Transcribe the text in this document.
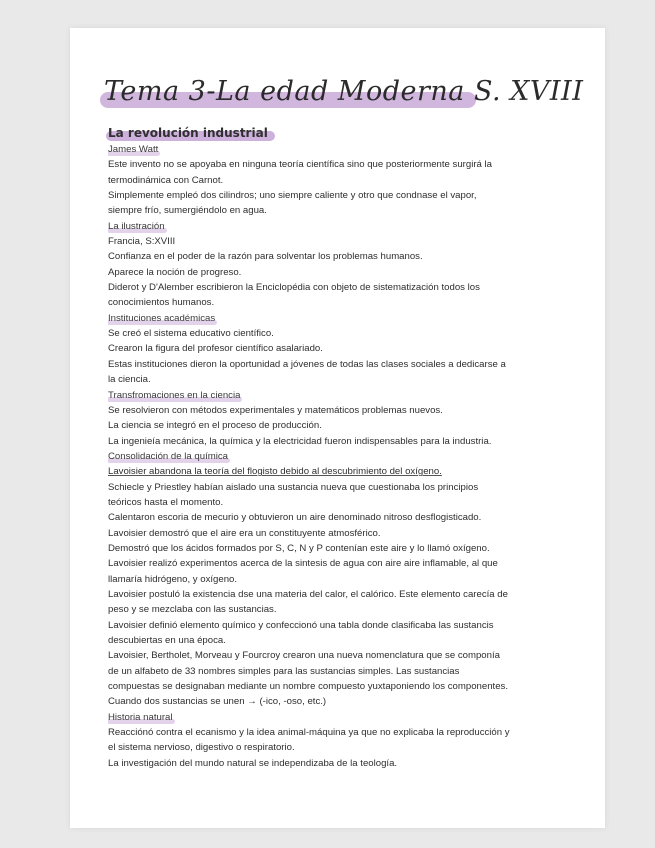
Tema 3-La edad Moderna S. XVIII
La revolución industrial
James Watt
Este invento no se apoyaba en ninguna teoría científica sino que posteriormente surgirá la
termodinámica con Carnot.
Simplemente empleó dos cilindros; uno siempre caliente y otro que condnase el vapor,
siempre frío, sumergiéndolo en agua.
La ilustración
Francia, S:XVIII
Confianza en el poder de la razón para solventar los problemas humanos.
Aparece la noción de progreso.
Diderot y D'Alember escribieron la Enciclopédia con objeto de sistematización todos los
conocimientos humanos.
Instituciones académicas
Se creó el sistema educativo científico.
Crearon la figura del profesor científico asalariado.
Estas instituciones dieron la oportunidad a jóvenes de todas las clases sociales a dedicarse a
la ciencia.
Transfromaciones en la ciencia
Se resolvieron con métodos experimentales y matemáticos problemas nuevos.
La ciencia se integró en el proceso de producción.
La ingenieía mecánica, la química y la electricidad fueron indispensables para la industria.
Consolidación de la química
Lavoisier abandona la teoría del flogisto debido al descubrimiento del oxígeno.
Schiecle y Priestley habían aislado una sustancia nueva que cuestionaba los principios
teóricos hasta el momento.
Calentaron escoria de mecurio y obtuvieron un aire denominado nitroso desflogisticado.
Lavoisier demostró que el aire era un constituyente atmosférico.
Demostró que los ácidos formados por S, C, N y P contenían este aire y lo llamó oxígeno.
Lavoisier realizó experimentos acerca de la sintesis de agua con aire aire inflamable, al que
llamaría hidrógeno, y oxígeno.
Lavoisier postuló la existencia dse una materia del calor, el calórico. Este elemento carecía de
peso y se mezclaba con las sustancias.
Lavoisier definió elemento químico y confeccionó una tabla donde clasificaba las sustancis
descubiertas en una época.
Lavoisier, Bertholet, Morveau y Fourcroy crearon una nueva nomenclatura que se componía
de un alfabeto de 33 nombres simples para las sustancias simples. Las sustancias
compuestas se designaban mediante un nombre compuesto yuxtaponiendo los componentes.
Cuando dos sustancias se unen → (-ico, -oso, etc.)
Historia natural
Reacciónó contra el ecanismo y la idea animal-máquina ya que no explicaba la reproducción y
el sistema nervioso, digestivo o respiratorio.
La investigación del mundo natural se independizaba de la teología.
